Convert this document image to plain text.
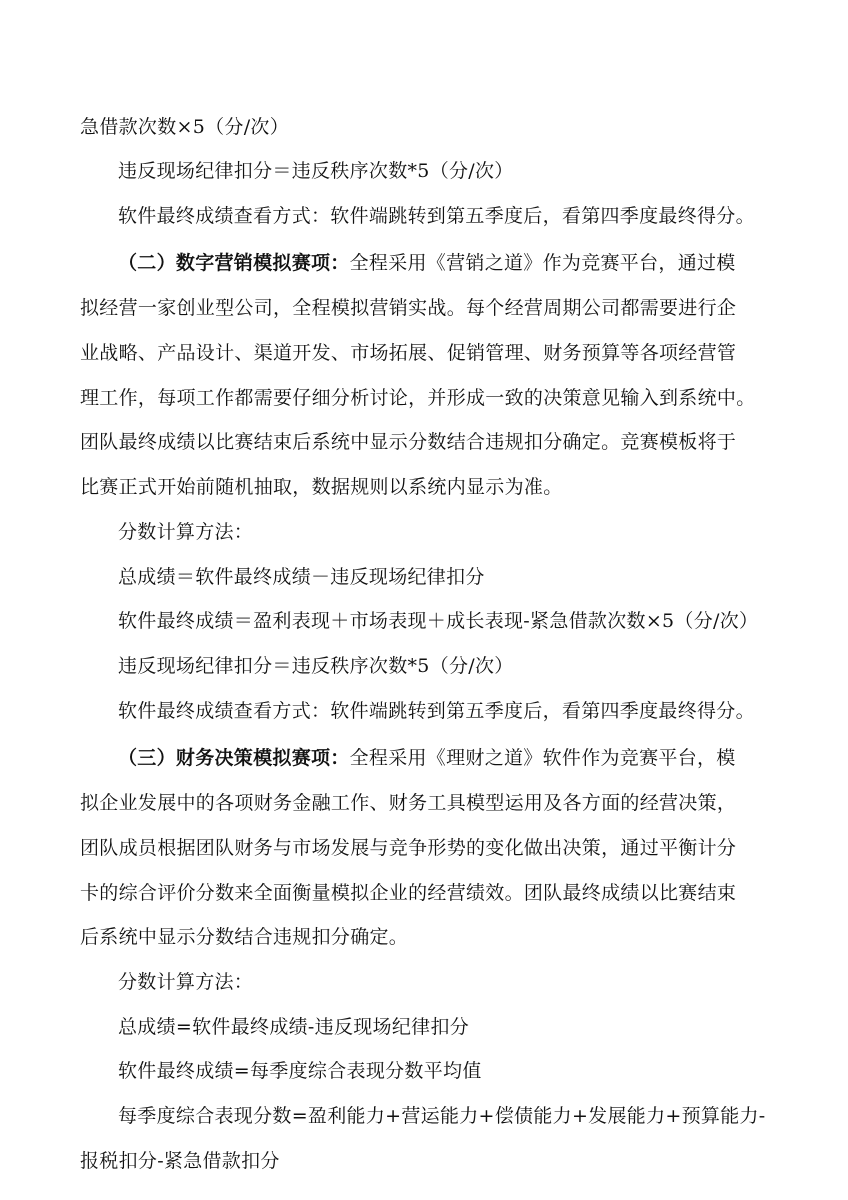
急借款次数×5（分/次）
违反现场纪律扣分＝违反秩序次数*5（分/次）
软件最终成绩查看方式：软件端跳转到第五季度后，看第四季度最终得分。
（二）数字营销模拟赛项：全程采用《营销之道》作为竞赛平台，通过模
拟经营一家创业型公司，全程模拟营销实战。每个经营周期公司都需要进行企
业战略、产品设计、渠道开发、市场拓展、促销管理、财务预算等各项经营管
理工作，每项工作都需要仔细分析讨论，并形成一致的决策意见输入到系统中。
团队最终成绩以比赛结束后系统中显示分数结合违规扣分确定。竞赛模板将于
比赛正式开始前随机抽取，数据规则以系统内显示为准。
分数计算方法：
总成绩＝软件最终成绩－违反现场纪律扣分
软件最终成绩＝盈利表现＋市场表现＋成长表现-紧急借款次数×5（分/次）
违反现场纪律扣分＝违反秩序次数*5（分/次）
软件最终成绩查看方式：软件端跳转到第五季度后，看第四季度最终得分。
（三）财务决策模拟赛项：全程采用《理财之道》软件作为竞赛平台，模
拟企业发展中的各项财务金融工作、财务工具模型运用及各方面的经营决策，
团队成员根据团队财务与市场发展与竞争形势的变化做出决策，通过平衡计分
卡的综合评价分数来全面衡量模拟企业的经营绩效。团队最终成绩以比赛结束
后系统中显示分数结合违规扣分确定。
分数计算方法：
总成绩=软件最终成绩-违反现场纪律扣分
软件最终成绩=每季度综合表现分数平均值
每季度综合表现分数=盈利能力+营运能力+偿债能力+发展能力+预算能力-
报税扣分-紧急借款扣分
